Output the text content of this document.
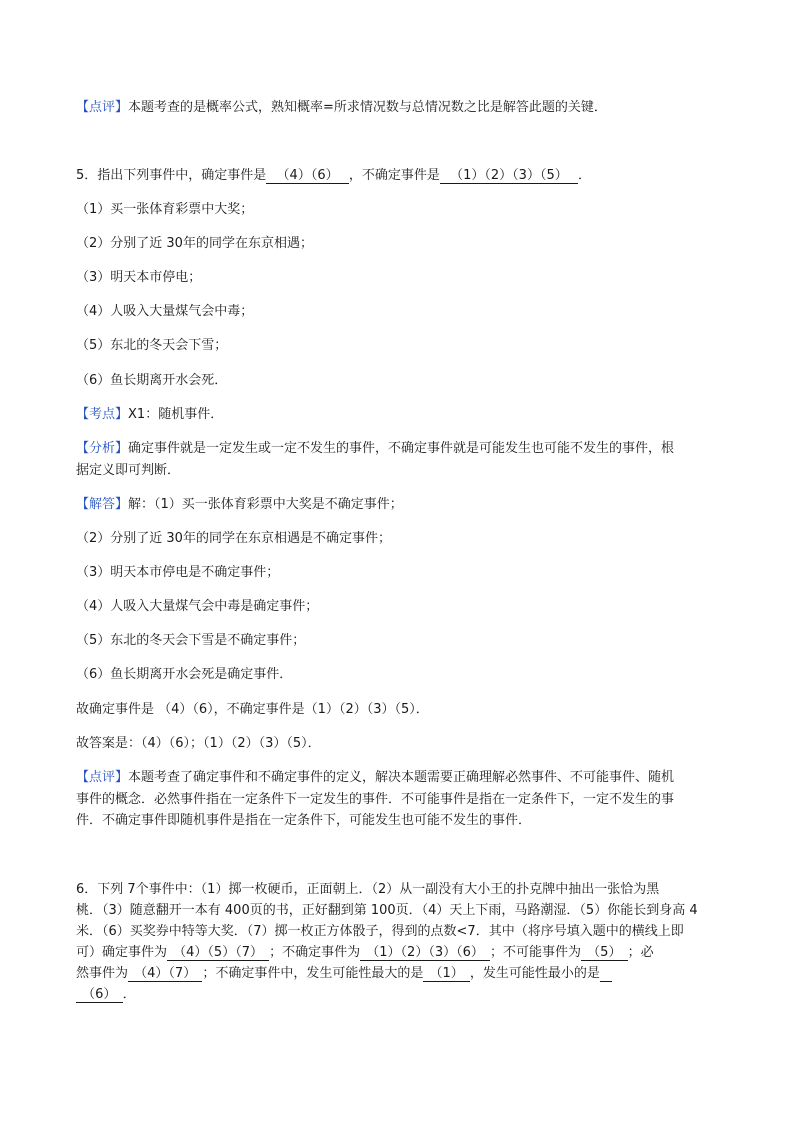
【点评】本题考查的是概率公式，熟知概率=所求情况数与总情况数之比是解答此题的关键．
5．指出下列事件中，确定事件是 （4）（6） ，不确定事件是 （1）（2）（3）（5） ．
（1）买一张体育彩票中大奖；
（2）分别了近 30年的同学在东京相遇；
（3）明天本市停电；
（4）人吸入大量煤气会中毒；
（5）东北的冬天会下雪；
（6）鱼长期离开水会死．
【考点】X1：随机事件．
【分析】确定事件就是一定发生或一定不发生的事件，不确定事件就是可能发生也可能不发生的事件，根
据定义即可判断．
【解答】解：（1）买一张体育彩票中大奖是不确定事件；
（2）分别了近 30年的同学在东京相遇是不确定事件；
（3）明天本市停电是不确定事件；
（4）人吸入大量煤气会中毒是确定事件；
（5）东北的冬天会下雪是不确定事件；
（6）鱼长期离开水会死是确定事件．
故确定事件是 （4）（6），不确定事件是（1）（2）（3）（5）．
故答案是：（4）（6）；（1）（2）（3）（5）．
【点评】本题考查了确定事件和不确定事件的定义，解决本题需要正确理解必然事件、不可能事件、随机
事件的概念．必然事件指在一定条件下一定发生的事件．不可能事件是指在一定条件下，一定不发生的事
件．不确定事件即随机事件是指在一定条件下，可能发生也可能不发生的事件．
6．下列 7个事件中：（1）掷一枚硬币，正面朝上．（2）从一副没有大小王的扑克牌中抽出一张恰为黑
桃．（3）随意翻开一本有 400页的书，正好翻到第 100页．（4）天上下雨，马路潮湿．（5）你能长到身高 4
米．（6）买奖券中特等大奖．（7）掷一枚正方体骰子，得到的点数<7．其中（将序号填入题中的横线上即
可）确定事件为 （4）（5）（7） ；不确定事件为 （1）（2）（3）（6） ；不可能事件为 （5） ；必
然事件为 （4）（7） ；不确定事件中，发生可能性最大的是 （1） ，发生可能性最小的是
（6） ．
